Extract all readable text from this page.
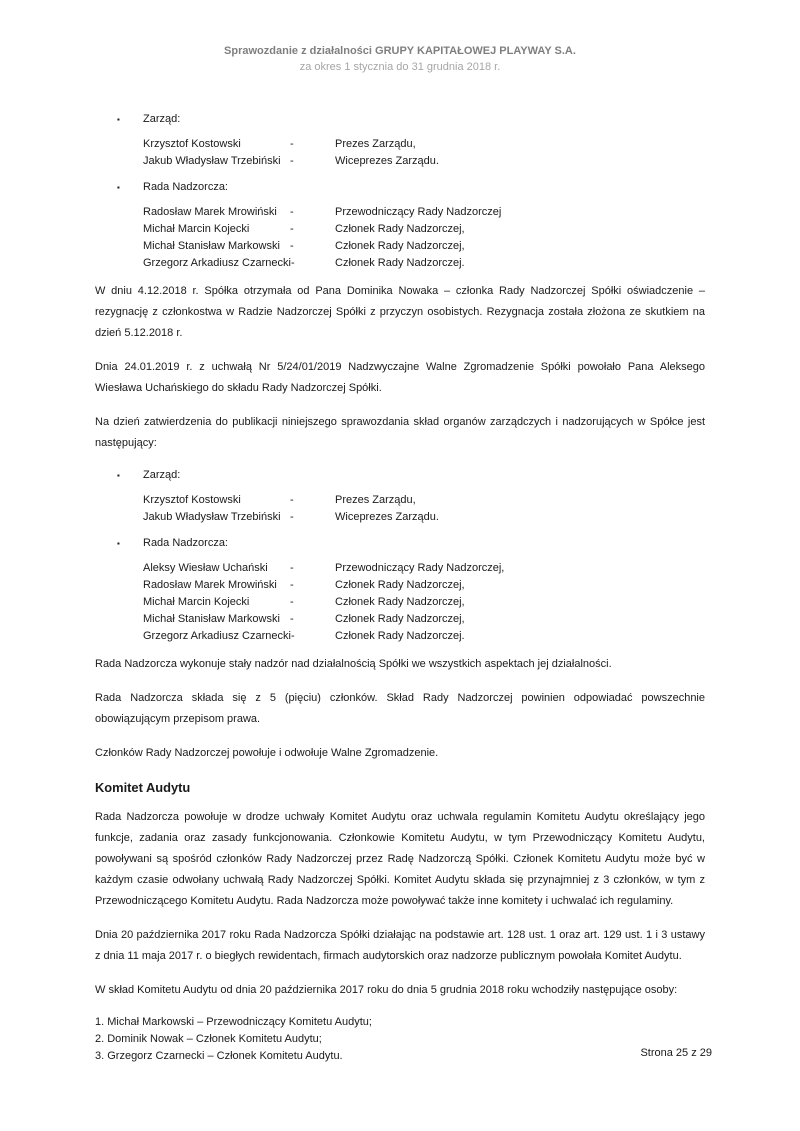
Sprawozdanie z działalności GRUPY KAPITAŁOWEJ PLAYWAY S.A.
za okres 1 stycznia do 31 grudnia 2018 r.
▪	Zarząd:
Krzysztof Kostowski	-	Prezes Zarządu,
Jakub Władysław Trzebiński -	Wiceprezes Zarządu.
▪	Rada Nadzorcza:
Radosław Marek Mrowiński -	Przewodniczący Rady Nadzorczej
Michał Marcin Kojecki	-	Członek Rady Nadzorczej,
Michał Stanisław Markowski -	Członek Rady Nadzorczej,
Grzegorz Arkadiusz Czarnecki-	Członek Rady Nadzorczej.

W dniu 4.12.2018 r. Spółka otrzymała od Pana Dominika Nowaka – członka Rady Nadzorczej Spółki oświadczenie – rezygnację z członkostwa w Radzie Nadzorczej Spółki z przyczyn osobistych. Rezygnacja została złożona ze skutkiem na dzień 5.12.2018 r.

Dnia 24.01.2019 r. z uchwałą Nr 5/24/01/2019 Nadzwyczajne Walne Zgromadzenie Spółki powołało Pana Aleksego Wiesława Uchańskiego do składu Rady Nadzorczej Spółki.

Na dzień zatwierdzenia do publikacji niniejszego sprawozdania skład organów zarządczych i nadzorujących w Spółce jest następujący:

▪	Zarząd:
Krzysztof Kostowski	-	Prezes Zarządu,
Jakub Władysław Trzebiński -	Wiceprezes Zarządu.
▪	Rada Nadzorcza:
Aleksy Wiesław Uchański -	Przewodniczący Rady Nadzorczej,
Radosław Marek Mrowiński -	Członek Rady Nadzorczej,
Michał Marcin Kojecki	-	Członek Rady Nadzorczej,
Michał Stanisław Markowski -	Członek Rady Nadzorczej,
Grzegorz Arkadiusz Czarnecki-	Członek Rady Nadzorczej.

Rada Nadzorcza wykonuje stały nadzór nad działalnością Spółki we wszystkich aspektach jej działalności.

Rada Nadzorcza składa się z 5 (pięciu) członków. Skład Rady Nadzorczej powinien odpowiadać powszechnie obowiązującym przepisom prawa.

Członków Rady Nadzorczej powołuje i odwołuje Walne Zgromadzenie.

Komitet Audytu

Rada Nadzorcza powołuje w drodze uchwały Komitet Audytu oraz uchwala regulamin Komitetu Audytu określający jego funkcje, zadania oraz zasady funkcjonowania. Członkowie Komitetu Audytu, w tym Przewodniczący Komitetu Audytu, powoływani są spośród członków Rady Nadzorczej przez Radę Nadzorczą Spółki. Członek Komitetu Audytu może być w każdym czasie odwołany uchwałą Rady Nadzorczej Spółki. Komitet Audytu składa się przynajmniej z 3 członków, w tym z Przewodniczącego Komitetu Audytu. Rada Nadzorcza może powoływać także inne komitety i uchwalać ich regulaminy.

Dnia 20 października 2017 roku Rada Nadzorcza Spółki działając na podstawie art. 128 ust. 1 oraz art. 129 ust. 1 i 3 ustawy z dnia 11 maja 2017 r. o biegłych rewidentach, firmach audytorskich oraz nadzorze publicznym powołała Komitet Audytu.

W skład Komitetu Audytu od dnia 20 października 2017 roku do dnia 5 grudnia 2018 roku wchodziły następujące osoby:

1. Michał Markowski – Przewodniczący Komitetu Audytu;
2. Dominik Nowak – Członek Komitetu Audytu;
3. Grzegorz Czarnecki – Członek Komitetu Audytu.	Strona 25 z 29
